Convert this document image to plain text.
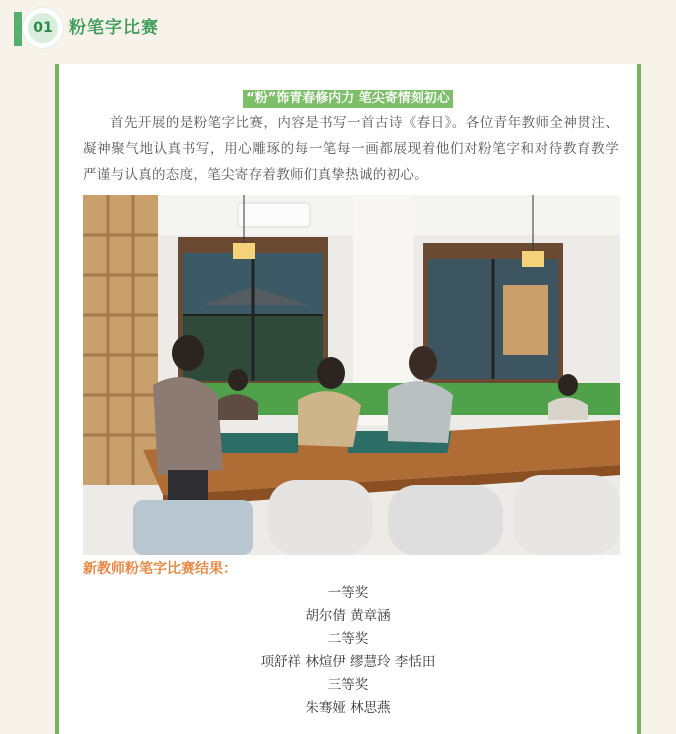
01 粉笔字比赛
“粉”饰青春修内力 笔尖寄情刻初心
首先开展的是粉笔字比赛，内容是书写一首古诗《春日》。各位青年教师全神贯注、凝神聚气地认真书写，用心雕琢的每一笔每一画都展现着他们对粉笔字和对待教育教学严谨与认真的态度，笔尖寄存着教师们真挚热诚的初心。
新教师粉笔字比赛结果：
一等奖
胡尔倩 黄章涵
二等奖
项舒祥 林煊伊 缪慧玲 李恬田
三等奖
朱骞娅 林思燕
